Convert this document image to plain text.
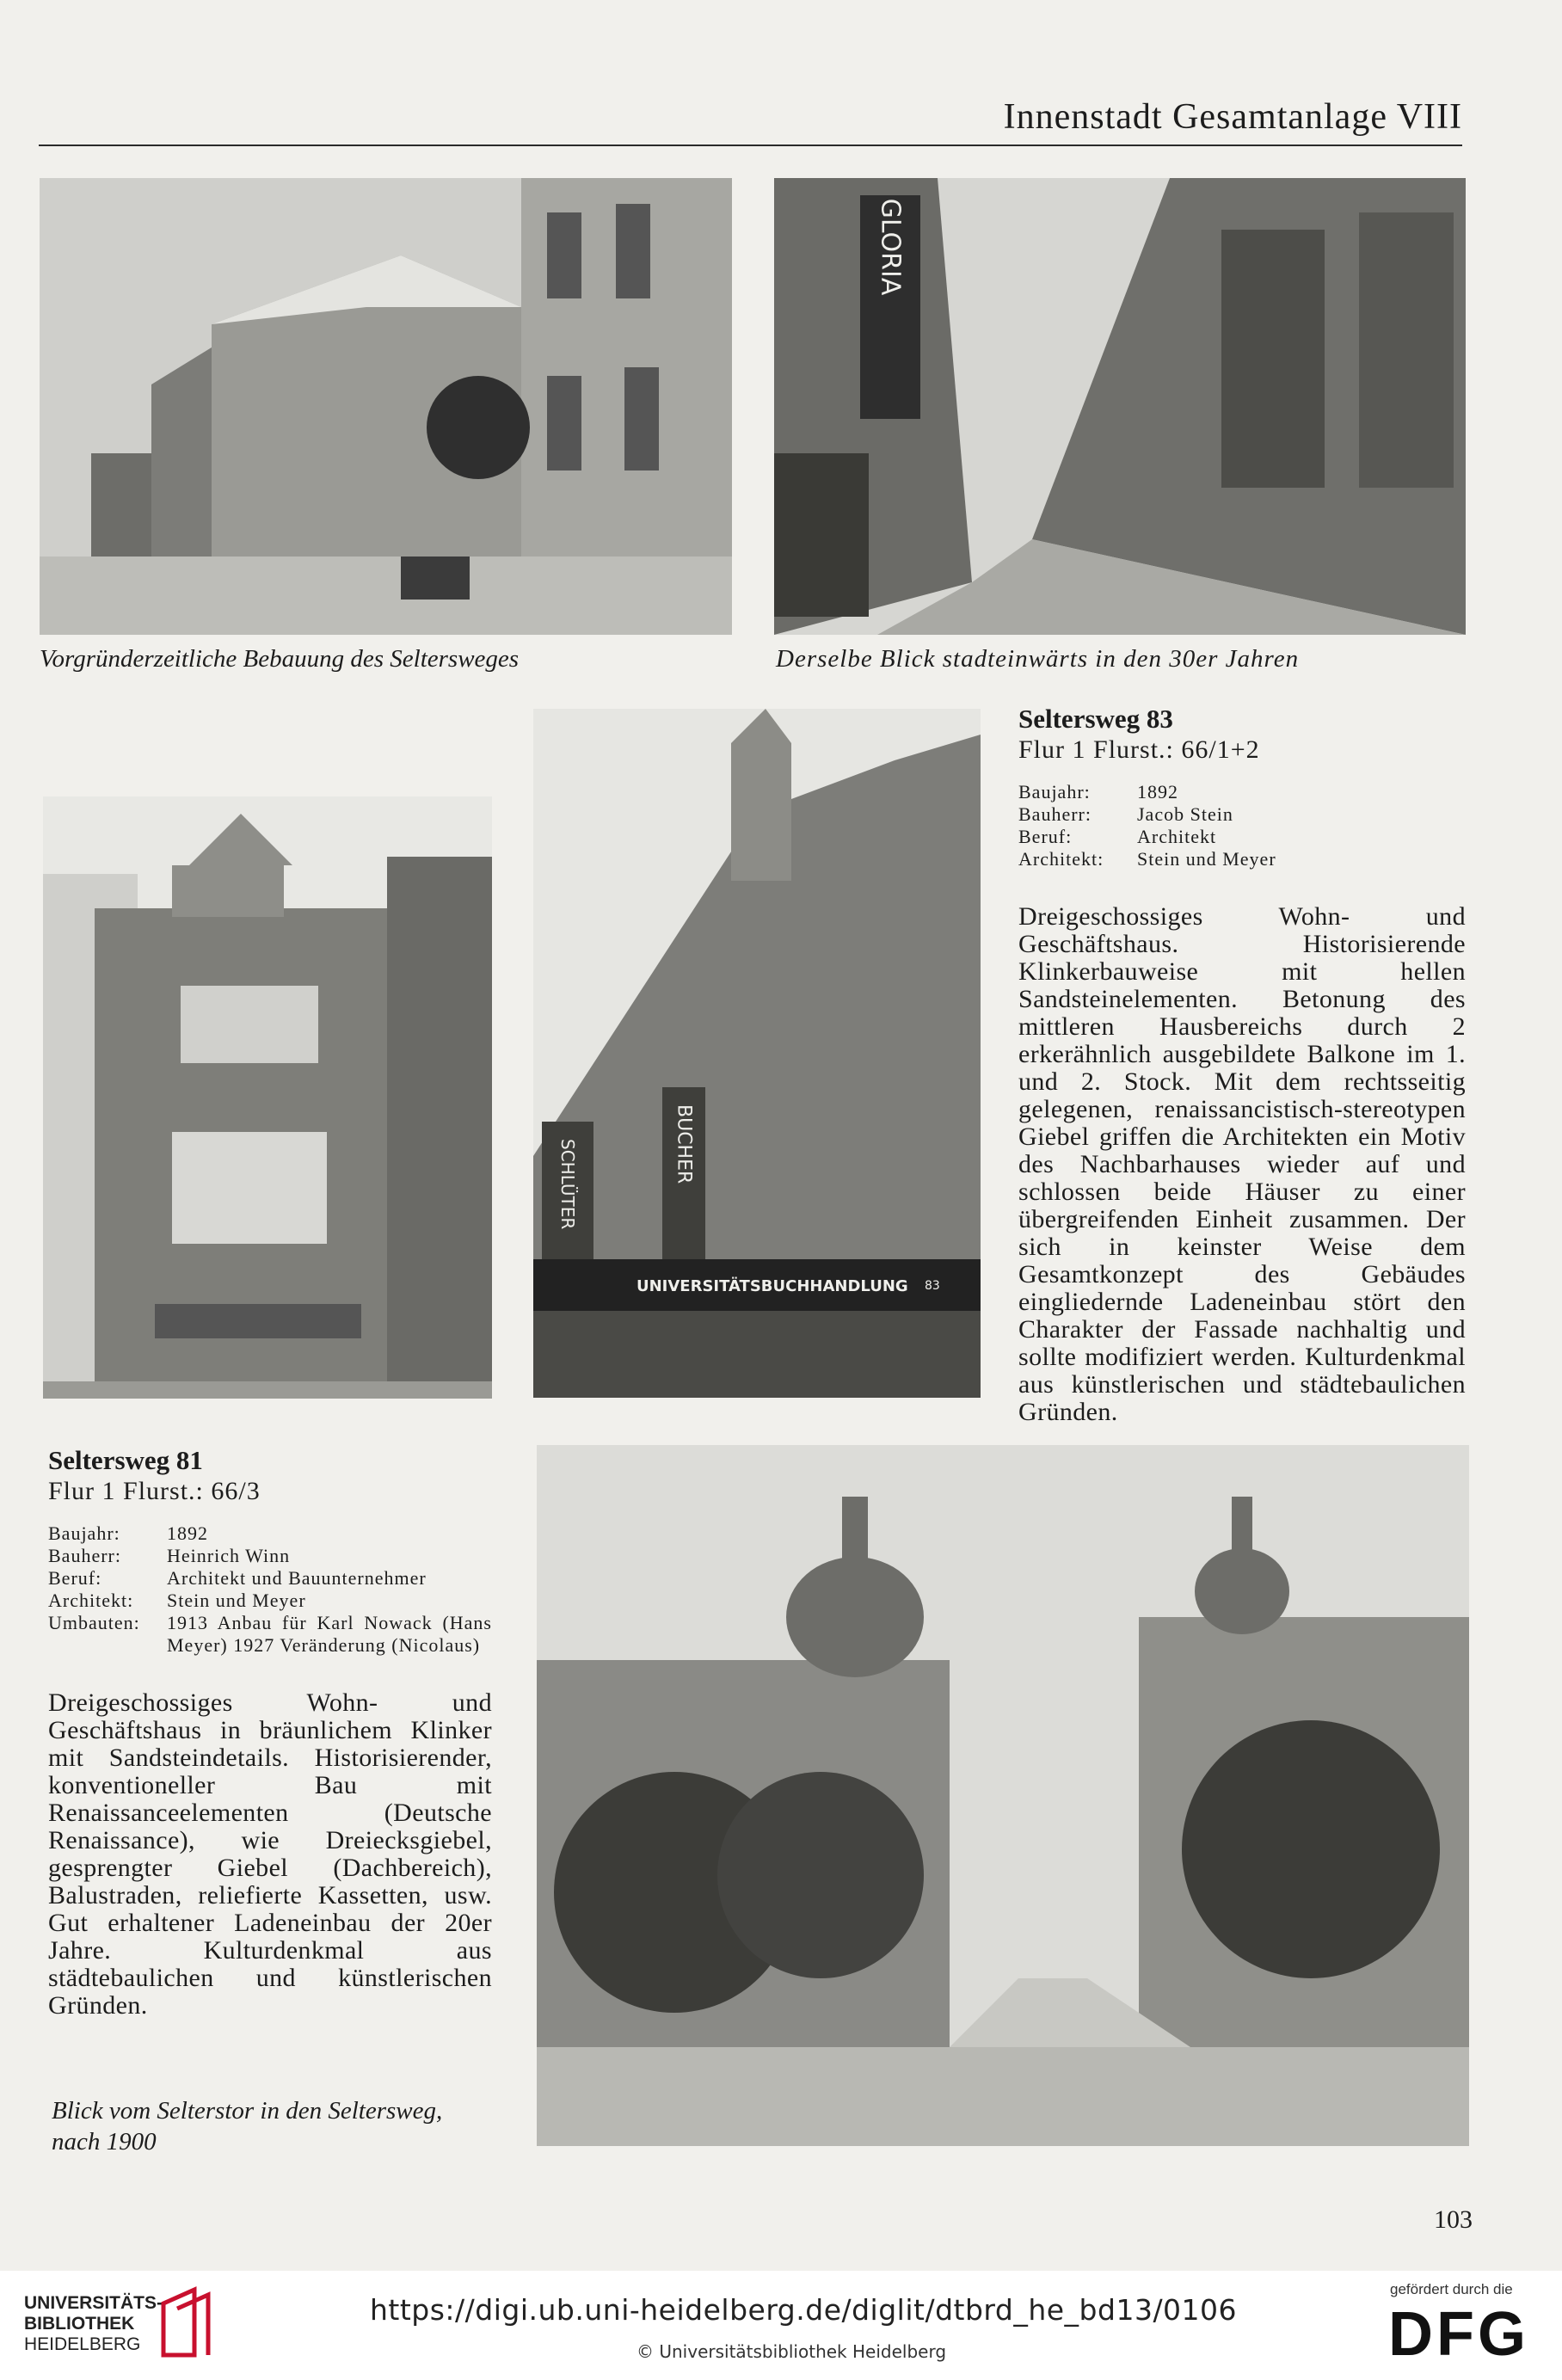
Innenstadt Gesamtanlage VIII
Vorgründerzeitliche Bebauung des Seltersweges
GLORIA
Derselbe Blick stadteinwärts in den 30er Jahren
SCHLÜTER	BUCHER
UNIVERSITÄTSBUCHHANDLUNG 83
Seltersweg 83
Flur 1 Flurst.: 66/1+2
Baujahr:	1892
Bauherr:	Jacob Stein
Beruf:	Architekt
Architekt:	Stein und Meyer

Dreigeschossiges Wohn- und Geschäftshaus. Historisierende Klinkerbauweise mit hellen Sandsteinelementen. Betonung des mittleren Hausbereichs durch 2 erkerähnlich ausgebildete Balkone im 1. und 2. Stock. Mit dem rechtsseitig gelegenen, renaissancistisch-stereotypen Giebel griffen die Architekten ein Motiv des Nachbarhauses wieder auf und schlossen beide Häuser zu einer übergreifenden Einheit zusammen. Der sich in keinster Weise dem Gesamtkonzept des Gebäudes eingliedernde Ladeneinbau stört den Charakter der Fassade nachhaltig und sollte modifiziert werden. Kulturdenkmal aus künstlerischen und städtebaulichen Gründen.

Seltersweg 81
Flur 1 Flurst.: 66/3
Baujahr:	1892
Bauherr:	Heinrich Winn
Beruf:	Architekt und Bauunternehmer
Architekt:	Stein und Meyer
Umbauten:	1913 Anbau für Karl Nowack (Hans Meyer) 1927 Veränderung (Nicolaus)

Dreigeschossiges Wohn- und Geschäftshaus in bräunlichem Klinker mit Sandsteindetails. Historisierender, konventioneller Bau mit Renaissanceelementen (Deutsche Renaissance), wie Dreiecksgiebel, gesprengter Giebel (Dachbereich), Balustraden, reliefierte Kassetten, usw. Gut erhaltener Ladeneinbau der 20er Jahre. Kulturdenkmal aus städtebaulichen und künstlerischen Gründen.

Blick vom Selterstor in den Seltersweg,
nach 1900
103
UNIVERSITÄTS-
BIBLIOTHEK
HEIDELBERG
https://digi.ub.uni-heidelberg.de/diglit/dtbrd_he_bd13/0106
© Universitätsbibliothek Heidelberg
gefördert durch die
DFG
